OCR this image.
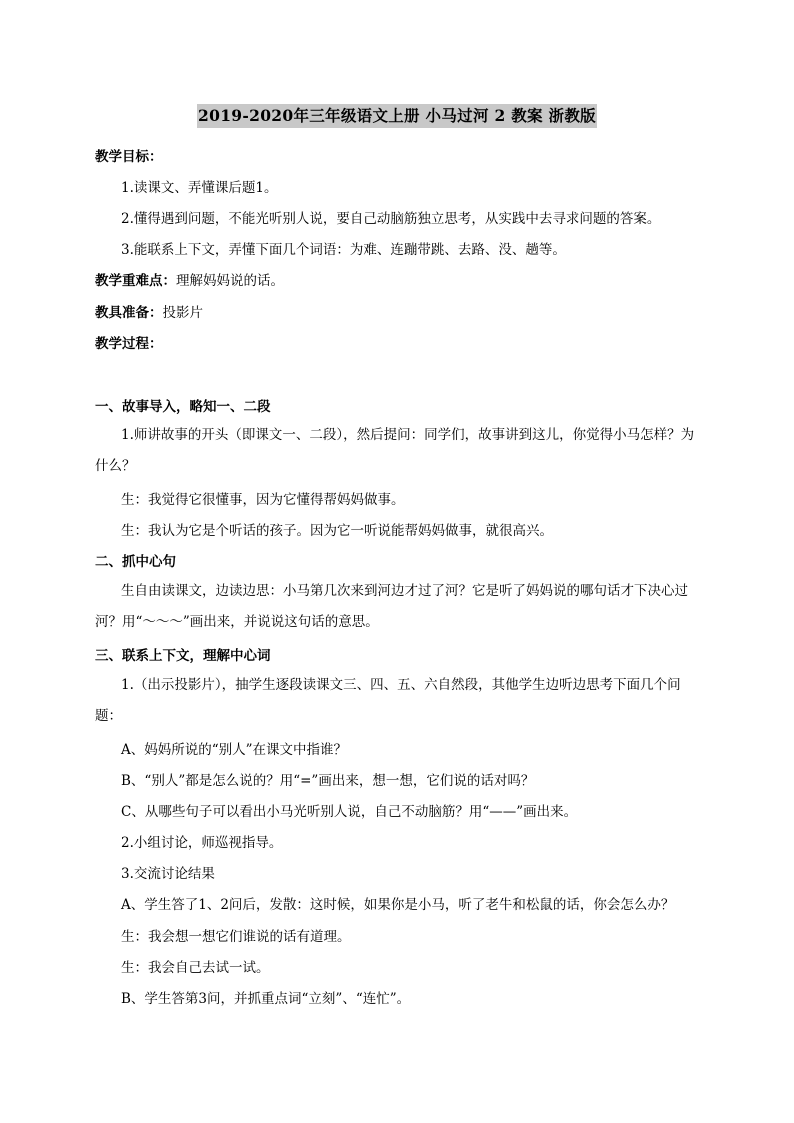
2019-2020年三年级语文上册 小马过河 2 教案 浙教版
教学目标：
1.读课文、弄懂课后题1。
2.懂得遇到问题，不能光听别人说，要自己动脑筋独立思考，从实践中去寻求问题的答案。
3.能联系上下文，弄懂下面几个词语：为难、连蹦带跳、去路、没、趟等。
教学重难点：理解妈妈说的话。
教具准备：投影片
教学过程：
一、故事导入，略知一、二段

1.师讲故事的开头（即课文一、二段），然后提问：同学们，故事讲到这儿，你觉得小马怎样？为什么？

生：我觉得它很懂事，因为它懂得帮妈妈做事。
生：我认为它是个听话的孩子。因为它一听说能帮妈妈做事，就很高兴。
二、抓中心句

生自由读课文，边读边思：小马第几次来到河边才过了河？它是听了妈妈说的哪句话才下决心过河？用“～～～”画出来，并说说这句话的意思。

三、联系上下文，理解中心词

1.（出示投影片），抽学生逐段读课文三、四、五、六自然段，其他学生边听边思考下面几个问题：

A、妈妈所说的“别人”在课文中指谁？
B、“别人”都是怎么说的？用“=”画出来，想一想，它们说的话对吗？
C、从哪些句子可以看出小马光听别人说，自己不动脑筋？用“——”画出来。
2.小组讨论，师巡视指导。
3.交流讨论结果
A、学生答了1、2问后，发散：这时候，如果你是小马，听了老牛和松鼠的话，你会怎么办？
生：我会想一想它们谁说的话有道理。
生：我会自己去试一试。
B、学生答第3问，并抓重点词“立刻”、“连忙”。
